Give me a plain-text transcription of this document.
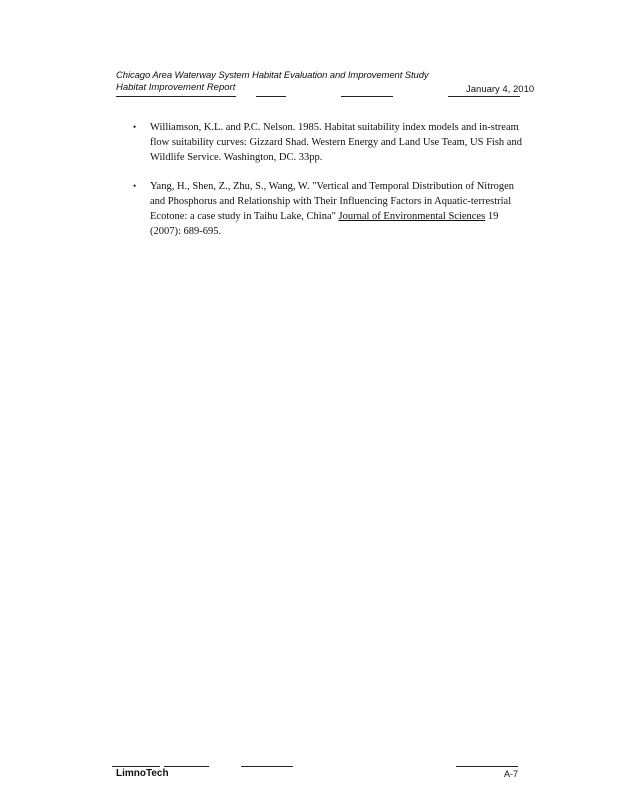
Chicago Area Waterway System Habitat Evaluation and Improvement Study
Habitat Improvement Report	January 4, 2010
• Williamson, K.L. and P.C. Nelson. 1985. Habitat suitability index models and in-stream flow suitability curves: Gizzard Shad. Western Energy and Land Use Team, US Fish and Wildlife Service. Washington, DC. 33pp.
• Yang, H., Shen, Z., Zhu, S., Wang, W. "Vertical and Temporal Distribution of Nitrogen and Phosphorus and Relationship with Their Influencing Factors in Aquatic-terrestrial Ecotone: a case study in Taihu Lake, China" Journal of Environmental Sciences 19 (2007): 689-695.
LimnoTech	A-7
